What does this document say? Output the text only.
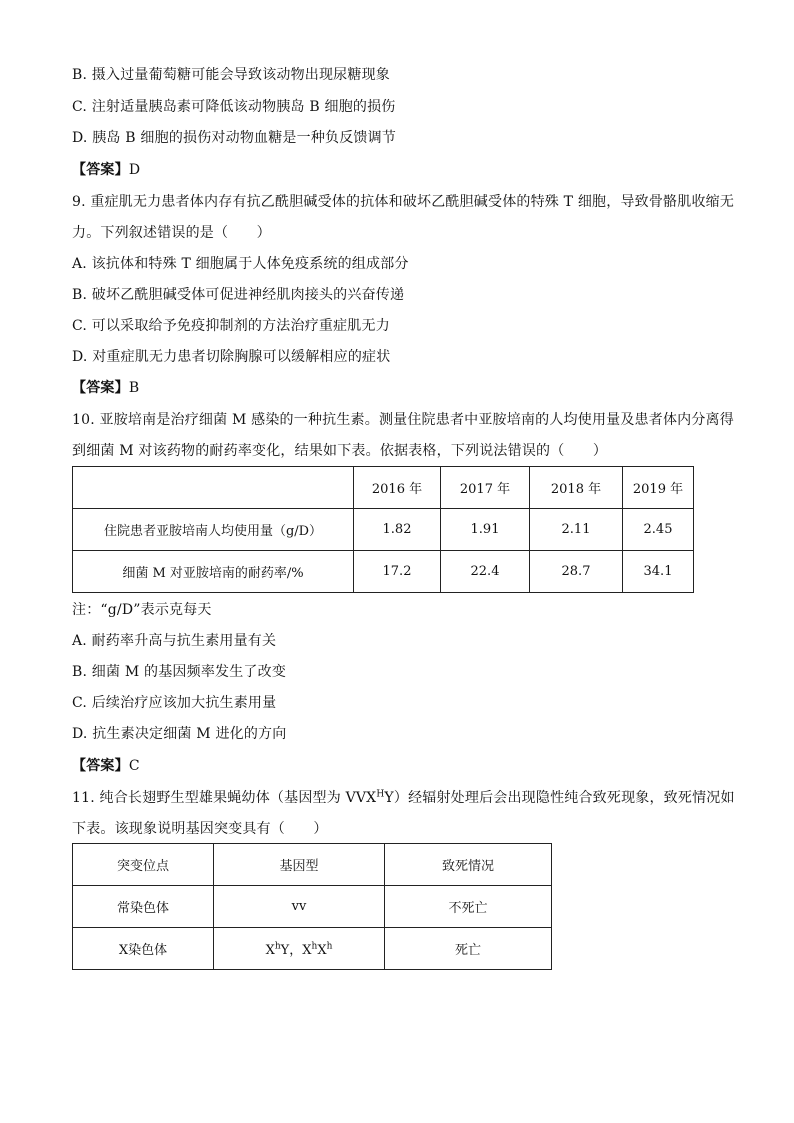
B. 摄入过量葡萄糖可能会导致该动物出现尿糖现象
C. 注射适量胰岛素可降低该动物胰岛 B 细胞的损伤
D. 胰岛 B 细胞的损伤对动物血糖是一种负反馈调节
【答案】D
9. 重症肌无力患者体内存有抗乙酰胆碱受体的抗体和破坏乙酰胆碱受体的特殊 T 细胞，导致骨骼肌收缩无
力。下列叙述错误的是（　　）
A. 该抗体和特殊 T 细胞属于人体免疫系统的组成部分
B. 破坏乙酰胆碱受体可促进神经肌肉接头的兴奋传递
C. 可以采取给予免疫抑制剂的方法治疗重症肌无力
D. 对重症肌无力患者切除胸腺可以缓解相应的症状
【答案】B
10. 亚胺培南是治疗细菌 M 感染的一种抗生素。测量住院患者中亚胺培南的人均使用量及患者体内分离得
到细菌 M 对该药物的耐药率变化，结果如下表。依据表格，下列说法错误的（　　）
	2016 年	2017 年	2018 年	2019 年
住院患者亚胺培南人均使用量（g/D）	1.82	1.91	2.11	2.45
细菌 M 对亚胺培南的耐药率/%	17.2	22.4	28.7	34.1
注：“g/D”表示克每天
A. 耐药率升高与抗生素用量有关
B. 细菌 M 的基因频率发生了改变
C. 后续治疗应该加大抗生素用量
D. 抗生素决定细菌 M 进化的方向
【答案】C
11. 纯合长翅野生型雄果蝇幼体（基因型为 $VVX^HY$）经辐射处理后会出现隐性纯合致死现象，致死情况如
下表。该现象说明基因突变具有（　　）
突变位点	基因型	致死情况
常染色体	vv	不死亡
X染色体	$X^hY$，$X^hX^h$	死亡
